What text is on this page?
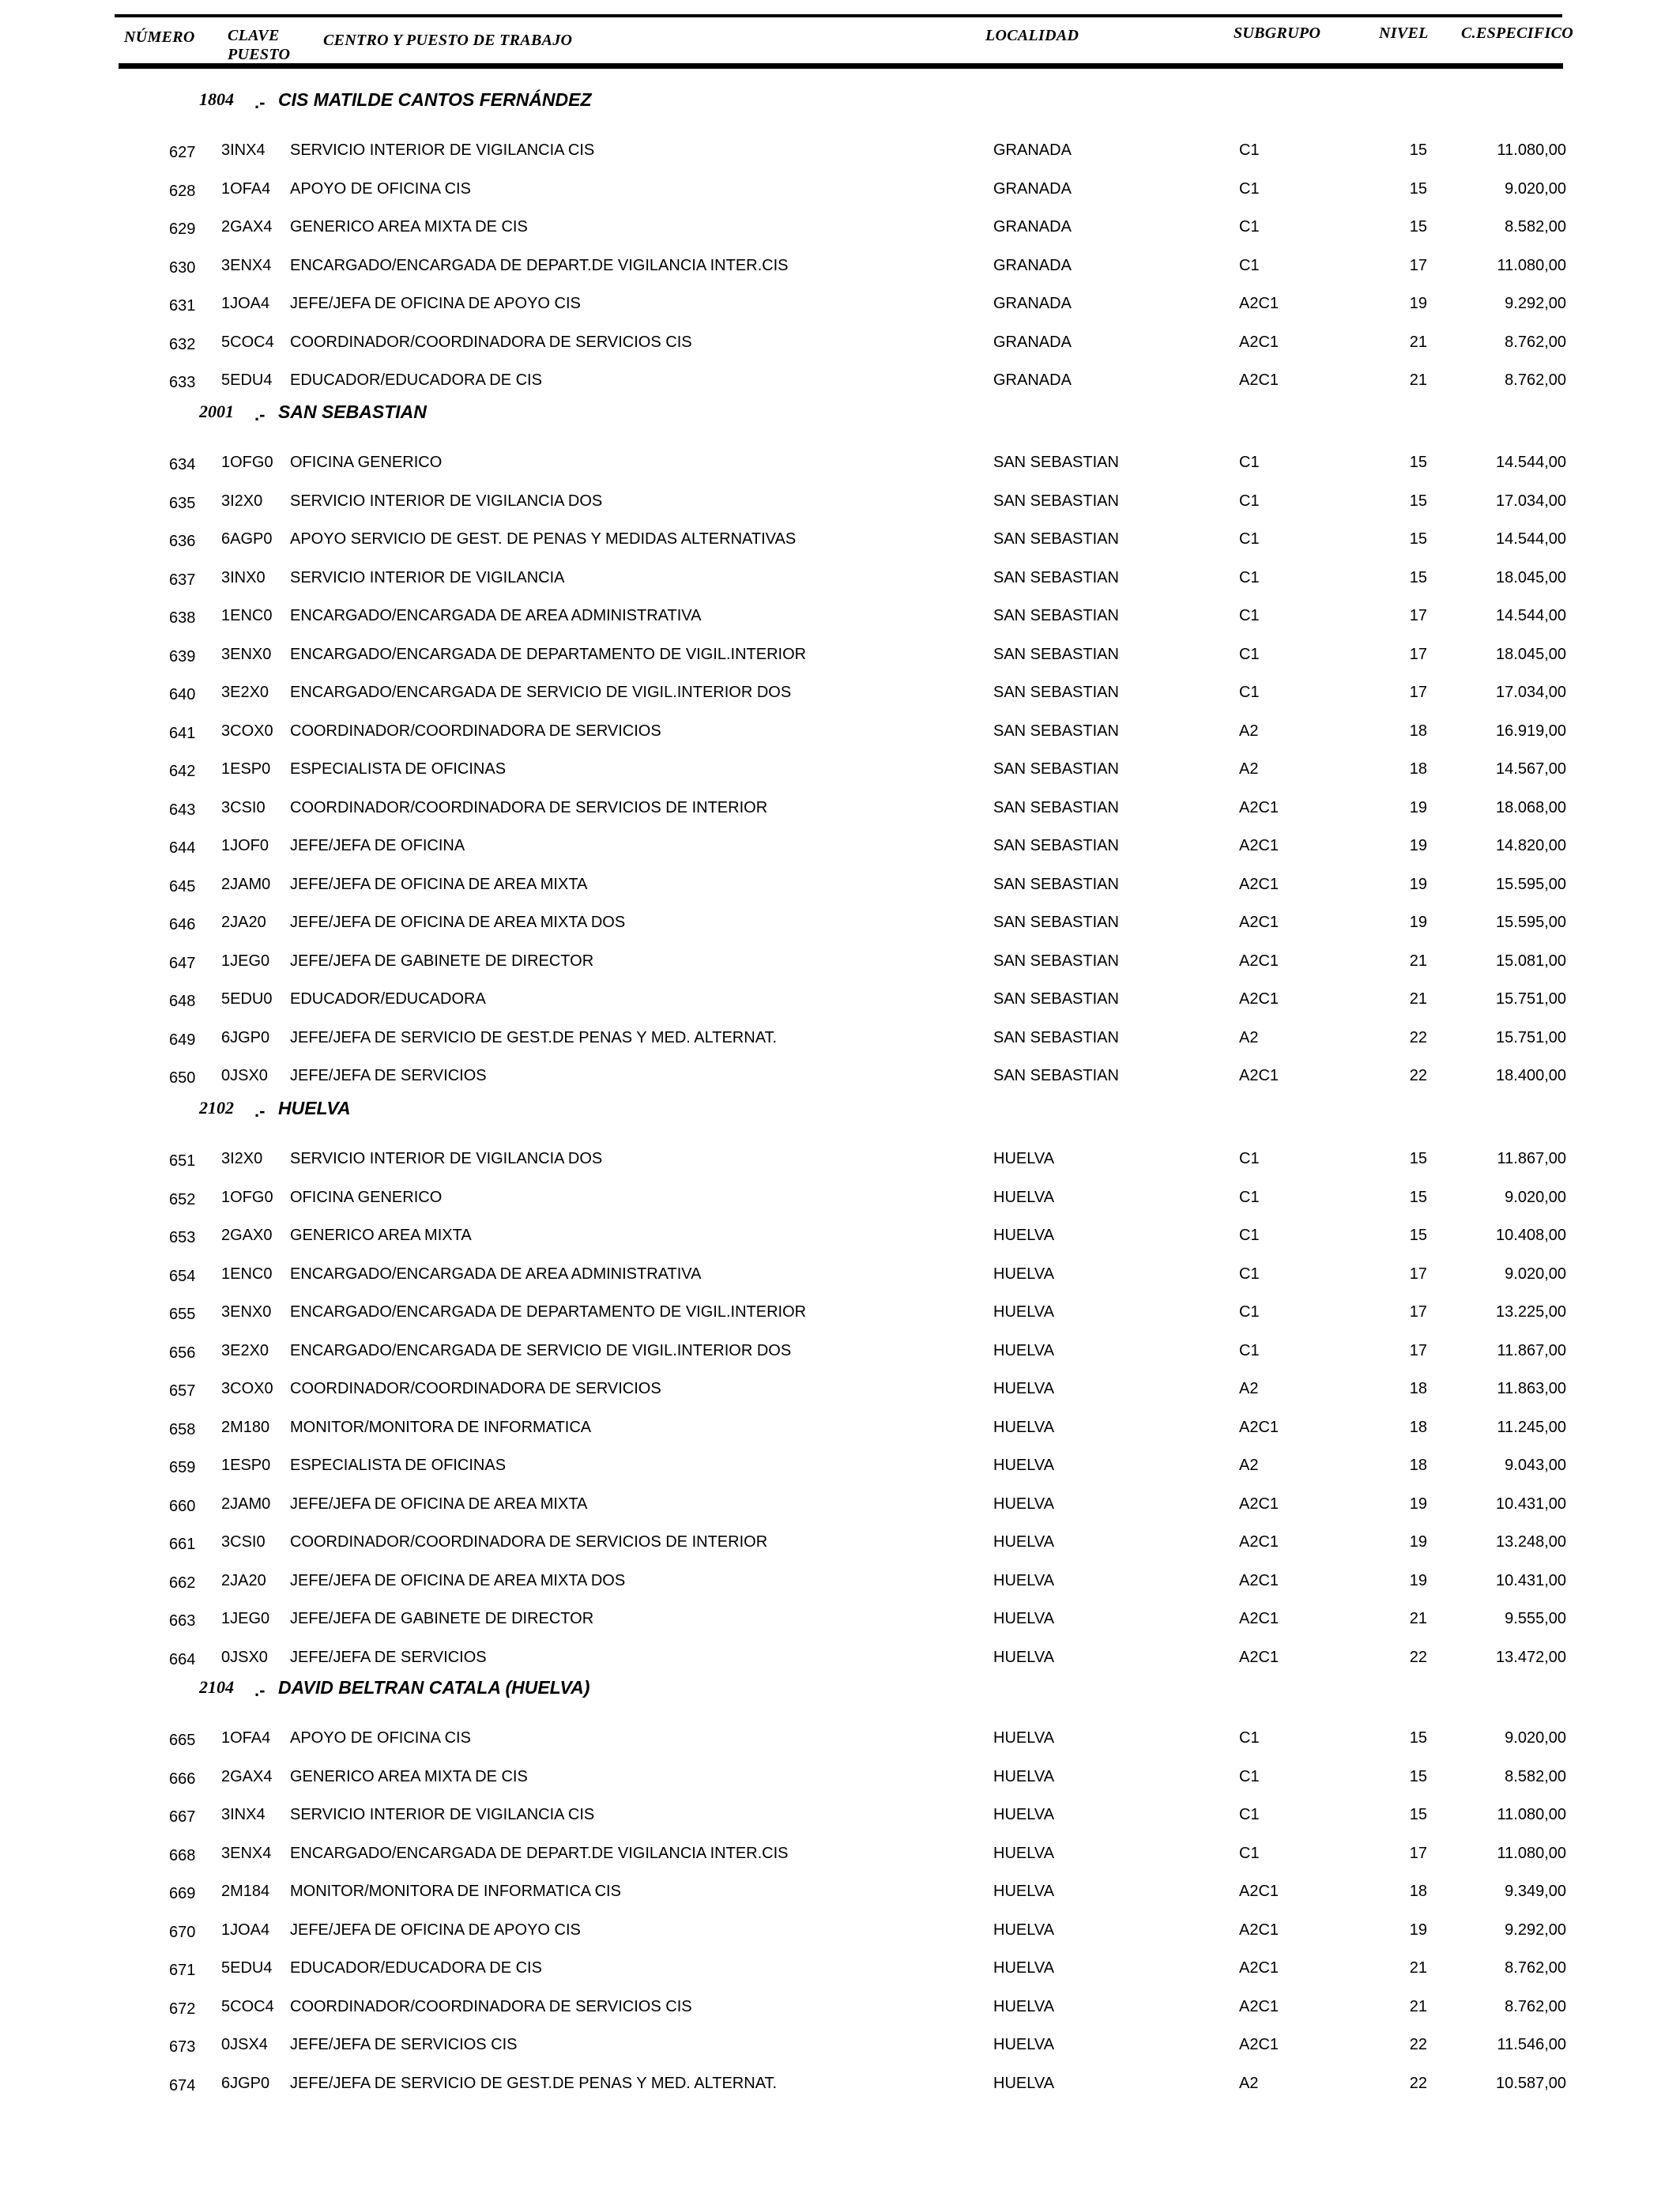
NÚMERO CLAVE
PUESTO
CENTRO Y PUESTO DE TRABAJO	LOCALIDAD	SUBGRUPO	NIVEL C.ESPECIFICO
1804 .- CIS MATILDE CANTOS FERNÁNDEZ
627 3INX4 SERVICIO INTERIOR DE VIGILANCIA CIS	GRANADA	C1	15	11.080,00
628 1OFA4 APOYO DE OFICINA CIS	GRANADA	C1	15	9.020,00
629 2GAX4 GENERICO AREA MIXTA DE CIS	GRANADA	C1	15	8.582,00
630 3ENX4 ENCARGADO/ENCARGADA DE DEPART.DE VIGILANCIA INTER.CIS	GRANADA	C1	17	11.080,00
631 1JOA4 JEFE/JEFA DE OFICINA DE APOYO CIS	GRANADA	A2C1	19	9.292,00
632 5COC4 COORDINADOR/COORDINADORA DE SERVICIOS CIS	GRANADA	A2C1	21	8.762,00
633 5EDU4 EDUCADOR/EDUCADORA DE CIS	GRANADA	A2C1	21	8.762,00
2001 .- SAN SEBASTIAN
634 1OFG0 OFICINA GENERICO	SAN SEBASTIAN	C1	15	14.544,00
635 3I2X0 SERVICIO INTERIOR DE VIGILANCIA DOS	SAN SEBASTIAN	C1	15	17.034,00
636 6AGP0 APOYO SERVICIO DE GEST. DE PENAS Y MEDIDAS ALTERNATIVAS	SAN SEBASTIAN	C1	15	14.544,00
637 3INX0 SERVICIO INTERIOR DE VIGILANCIA	SAN SEBASTIAN	C1	15	18.045,00
638 1ENC0 ENCARGADO/ENCARGADA DE AREA ADMINISTRATIVA	SAN SEBASTIAN	C1	17	14.544,00
639 3ENX0 ENCARGADO/ENCARGADA DE DEPARTAMENTO DE VIGIL.INTERIOR	SAN SEBASTIAN	C1	17	18.045,00
640 3E2X0 ENCARGADO/ENCARGADA DE SERVICIO DE VIGIL.INTERIOR DOS	SAN SEBASTIAN	C1	17	17.034,00
641 3COX0 COORDINADOR/COORDINADORA DE SERVICIOS	SAN SEBASTIAN	A2	18	16.919,00
642 1ESP0 ESPECIALISTA DE OFICINAS	SAN SEBASTIAN	A2	18	14.567,00
643 3CSI0 COORDINADOR/COORDINADORA DE SERVICIOS DE INTERIOR	SAN SEBASTIAN	A2C1	19	18.068,00
644 1JOF0 JEFE/JEFA DE OFICINA	SAN SEBASTIAN	A2C1	19	14.820,00
645 2JAM0 JEFE/JEFA DE OFICINA DE AREA MIXTA	SAN SEBASTIAN	A2C1	19	15.595,00
646 2JA20 JEFE/JEFA DE OFICINA DE AREA MIXTA DOS	SAN SEBASTIAN	A2C1	19	15.595,00
647 1JEG0 JEFE/JEFA DE GABINETE DE DIRECTOR	SAN SEBASTIAN	A2C1	21	15.081,00
648 5EDU0 EDUCADOR/EDUCADORA	SAN SEBASTIAN	A2C1	21	15.751,00
649 6JGP0 JEFE/JEFA DE SERVICIO DE GEST.DE PENAS Y MED. ALTERNAT.	SAN SEBASTIAN	A2	22	15.751,00
650 0JSX0 JEFE/JEFA DE SERVICIOS	SAN SEBASTIAN	A2C1	22	18.400,00
2102 .- HUELVA
651 3I2X0 SERVICIO INTERIOR DE VIGILANCIA DOS	HUELVA	C1	15	11.867,00
652 1OFG0 OFICINA GENERICO	HUELVA	C1	15	9.020,00
653 2GAX0 GENERICO AREA MIXTA	HUELVA	C1	15	10.408,00
654 1ENC0 ENCARGADO/ENCARGADA DE AREA ADMINISTRATIVA	HUELVA	C1	17	9.020,00
655 3ENX0 ENCARGADO/ENCARGADA DE DEPARTAMENTO DE VIGIL.INTERIOR	HUELVA	C1	17	13.225,00
656 3E2X0 ENCARGADO/ENCARGADA DE SERVICIO DE VIGIL.INTERIOR DOS	HUELVA	C1	17	11.867,00
657 3COX0 COORDINADOR/COORDINADORA DE SERVICIOS	HUELVA	A2	18	11.863,00
658 2M180 MONITOR/MONITORA DE INFORMATICA	HUELVA	A2C1	18	11.245,00
659 1ESP0 ESPECIALISTA DE OFICINAS	HUELVA	A2	18	9.043,00
660 2JAM0 JEFE/JEFA DE OFICINA DE AREA MIXTA	HUELVA	A2C1	19	10.431,00
661 3CSI0 COORDINADOR/COORDINADORA DE SERVICIOS DE INTERIOR	HUELVA	A2C1	19	13.248,00
662 2JA20 JEFE/JEFA DE OFICINA DE AREA MIXTA DOS	HUELVA	A2C1	19	10.431,00
663 1JEG0 JEFE/JEFA DE GABINETE DE DIRECTOR	HUELVA	A2C1	21	9.555,00
664 0JSX0 JEFE/JEFA DE SERVICIOS	HUELVA	A2C1	22	13.472,00
2104 .- DAVID BELTRAN CATALA (HUELVA)
665 1OFA4 APOYO DE OFICINA CIS	HUELVA	C1	15	9.020,00
666 2GAX4 GENERICO AREA MIXTA DE CIS	HUELVA	C1	15	8.582,00
667 3INX4 SERVICIO INTERIOR DE VIGILANCIA CIS	HUELVA	C1	15	11.080,00
668 3ENX4 ENCARGADO/ENCARGADA DE DEPART.DE VIGILANCIA INTER.CIS	HUELVA	C1	17	11.080,00
669 2M184 MONITOR/MONITORA DE INFORMATICA CIS	HUELVA	A2C1	18	9.349,00
670 1JOA4 JEFE/JEFA DE OFICINA DE APOYO CIS	HUELVA	A2C1	19	9.292,00
671 5EDU4 EDUCADOR/EDUCADORA DE CIS	HUELVA	A2C1	21	8.762,00
672 5COC4 COORDINADOR/COORDINADORA DE SERVICIOS CIS	HUELVA	A2C1	21	8.762,00
673 0JSX4 JEFE/JEFA DE SERVICIOS CIS	HUELVA	A2C1	22	11.546,00
674 6JGP0 JEFE/JEFA DE SERVICIO DE GEST.DE PENAS Y MED. ALTERNAT.	HUELVA	A2	22	10.587,00
